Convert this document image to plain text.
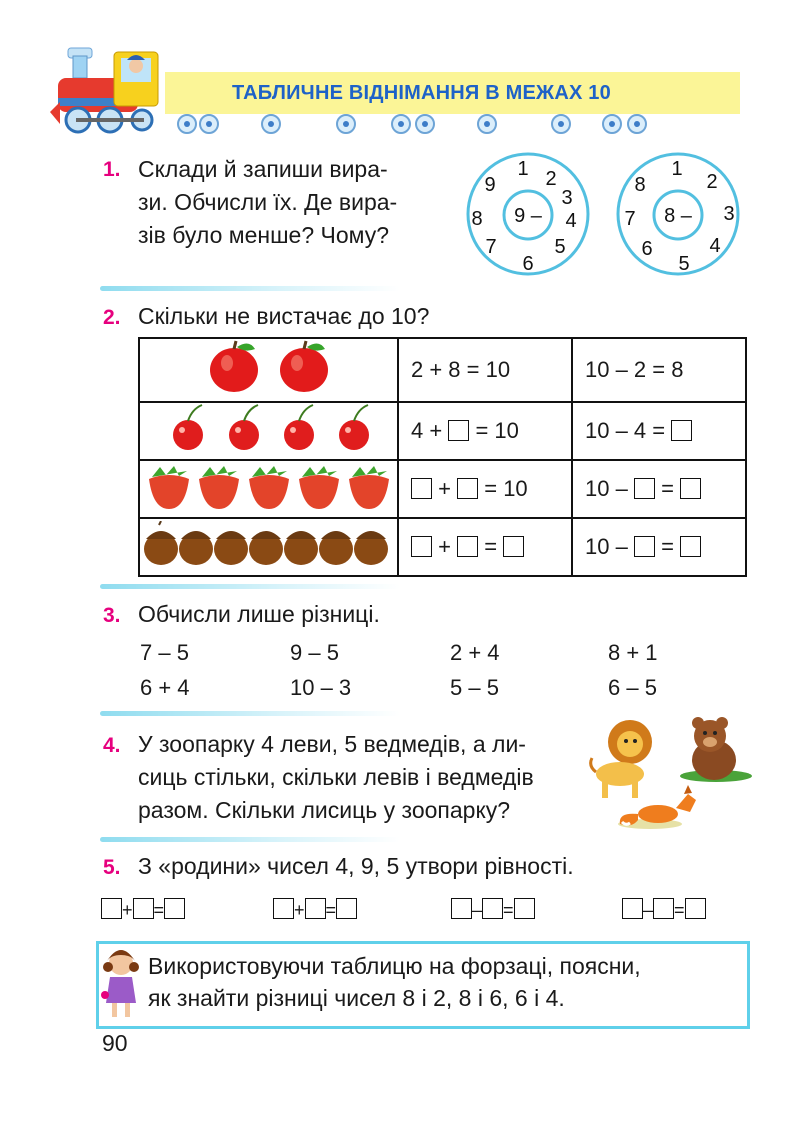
ТАБЛИЧНЕ ВІДНІМАННЯ В МЕЖАХ 10
1. Склади й запиши вира-
зи. Обчисли їх. Де вира-
зів було менше? Чому?
9 –
1 2
3
4
5
6
7
8
9
8 –
1
2
3
4
5
6
7
8
2. Скільки не вистачає до 10?
	2 + 8 = 10	10 – 2 = 8
	4 + = 10	10 – 4 =
	+ = 10	10 – =
	+ =	10 – =
3. Обчисли лише різниці.
7 – 5	9 – 5	2 + 4	8 + 1
6 + 4	10 – 3	5 – 5	6 – 5
4. У зоопарку 4 леви, 5 ведмедів, а ли-
сиць стільки, скільки левів і ведмедів
разом. Скільки лисиць у зоопарку?
5. З «родини» чисел 4, 9, 5 утвори рівності.
+ =	+ =	– =	– =
Використовуючи таблицю на форзаці, поясни,
як знайти різниці чисел 8 і 2, 8 і 6, 6 і 4.
90
